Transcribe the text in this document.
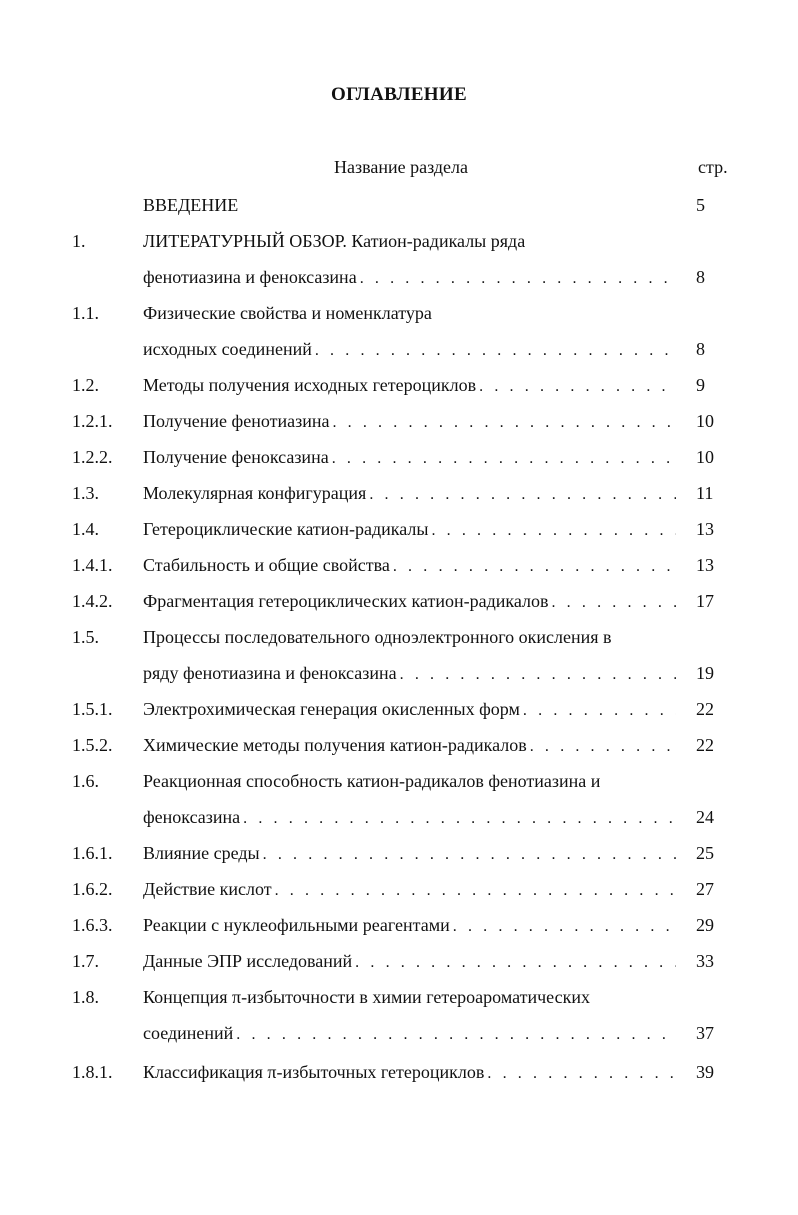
ОГЛАВЛЕНИЕ
Название раздела	стр.
ВВЕДЕНИЕ	5
1.	ЛИТЕРАТУРНЫЙ ОБЗОР. Катион-радикалы ряда
фенотиазина и феноксазина . . .	8
1.1. Физические свойства и номенклатура
исходных соединений . . .	8
1.2. Методы получения исходных гетероциклов . . .	9
1.2.1. Получение фенотиазина . . .	10
1.2.2. Получение феноксазина . . .	10
1.3. Молекулярная конфигурация . . .	11
1.4. Гетероциклические катион-радикалы . . .	13
1.4.1. Стабильность и общие свойства . . .	13
1.4.2. Фрагментация гетероциклических катион-радикалов . . .	17
1.5. Процессы последовательного одноэлектронного окисления в
ряду фенотиазина и феноксазина . . .	19
1.5.1. Электрохимическая генерация окисленных форм . . .	22
1.5.2. Химические методы получения катион-радикалов . . .	22
1.6. Реакционная способность катион-радикалов фенотиазина и
феноксазина . . .	24
1.6.1. Влияние среды . . .	25
1.6.2. Действие кислот . . .	27
1.6.3. Реакции с нуклеофильными реагентами . . .	29
1.7. Данные ЭПР исследований . . .	33
1.8. Концепция π-избыточности в химии гетероароматических
соединений . . .	37
1.8.1. Классификация π-избыточных гетероциклов . . .	39
